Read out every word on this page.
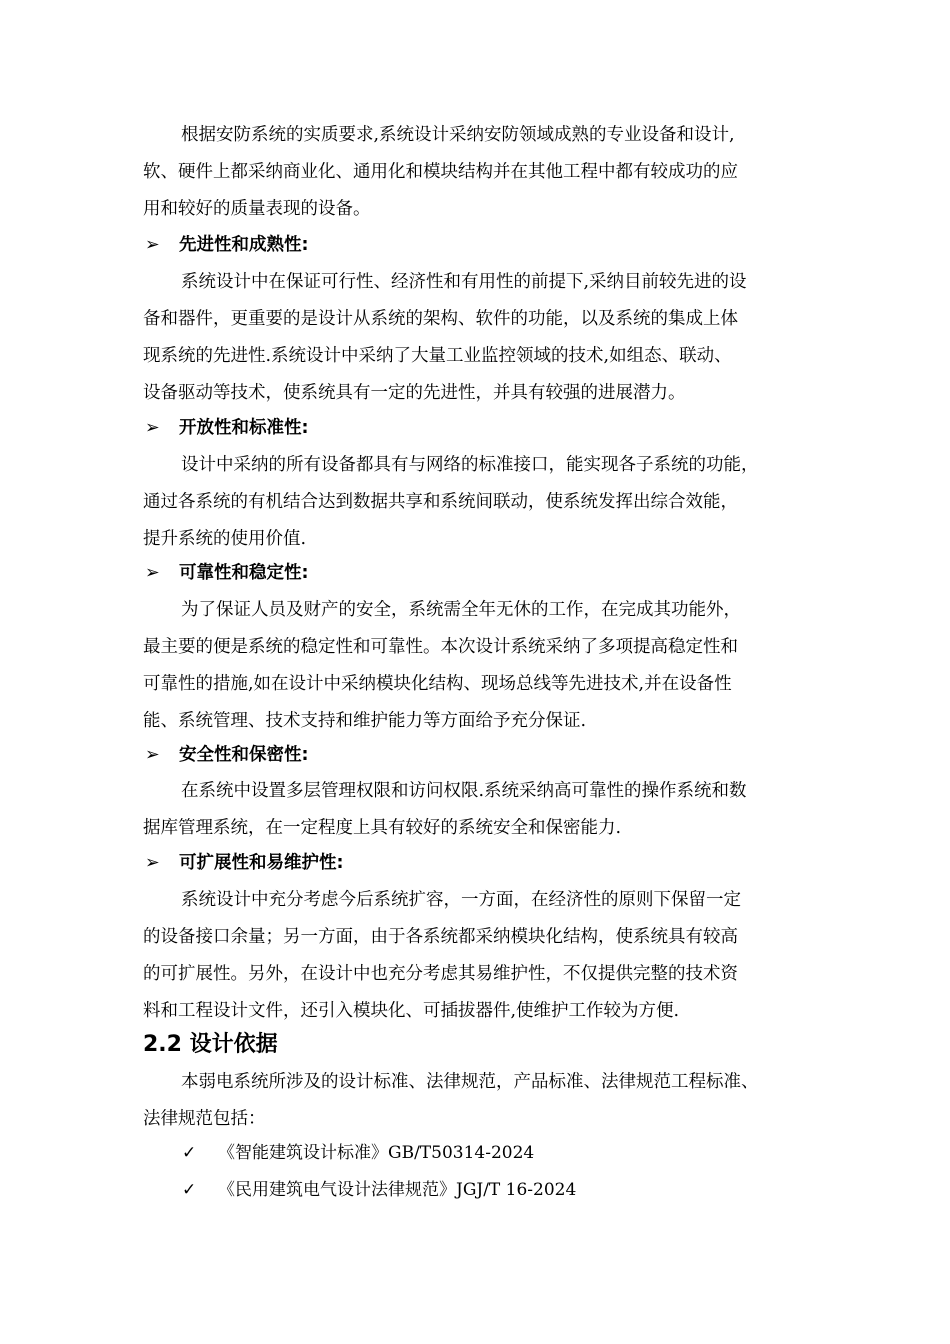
根据安防系统的实质要求,系统设计采纳安防领域成熟的专业设备和设计,
软、硬件上都采纳商业化、通用化和模块结构并在其他工程中都有较成功的应
用和较好的质量表现的设备。
➢ 先进性和成熟性:
系统设计中在保证可行性、经济性和有用性的前提下,采纳目前较先进的设
备和器件，更重要的是设计从系统的架构、软件的功能，以及系统的集成上体
现系统的先进性.系统设计中采纳了大量工业监控领域的技术,如组态、联动、
设备驱动等技术，使系统具有一定的先进性，并具有较强的进展潜力。
➢ 开放性和标准性:
设计中采纳的所有设备都具有与网络的标准接口，能实现各子系统的功能，
通过各系统的有机结合达到数据共享和系统间联动，使系统发挥出综合效能，
提升系统的使用价值.
➢ 可靠性和稳定性:
为了保证人员及财产的安全，系统需全年无休的工作，在完成其功能外，
最主要的便是系统的稳定性和可靠性。本次设计系统采纳了多项提高稳定性和
可靠性的措施,如在设计中采纳模块化结构、现场总线等先进技术,并在设备性
能、系统管理、技术支持和维护能力等方面给予充分保证.
➢ 安全性和保密性:
在系统中设置多层管理权限和访问权限.系统采纳高可靠性的操作系统和数
据库管理系统，在一定程度上具有较好的系统安全和保密能力.
➢ 可扩展性和易维护性:
系统设计中充分考虑今后系统扩容，一方面，在经济性的原则下保留一定
的设备接口余量；另一方面，由于各系统都采纳模块化结构，使系统具有较高
的可扩展性。另外，在设计中也充分考虑其易维护性，不仅提供完整的技术资
料和工程设计文件，还引入模块化、可插拔器件,使维护工作较为方便.
2.2 设计依据
本弱电系统所涉及的设计标准、法律规范，产品标准、法律规范工程标准、
法律规范包括：
✓ 《智能建筑设计标准》GB/T50314-2024
✓ 《民用建筑电气设计法律规范》JGJ/T 16-2024
